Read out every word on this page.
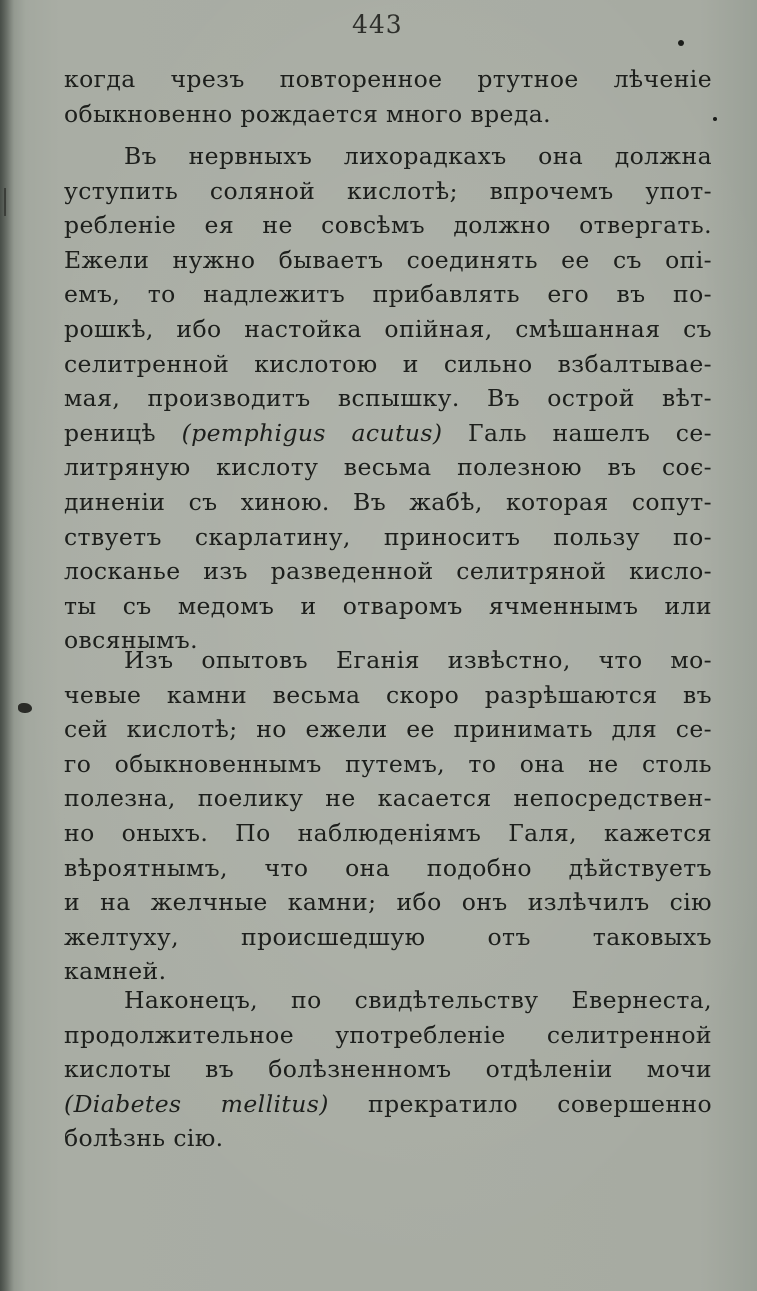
443
когда чрезъ повторенное ртутное лѣченіе
обыкновенно рождается много вреда.
Въ нервныхъ лихорадкахъ она должна
уступить соляной кислотѣ; впрочемъ упот-
ребленіе ея не совсѣмъ должно отвергать.
Ежели нужно бываетъ соединять ее съ опі-
емъ, то надлежитъ прибавлять его въ по-
рошкѣ, ибо настойка опійная, смѣшанная съ
селитренной кислотою и сильно взбалтывае-
мая, производитъ вспышку. Въ острой вѣт-
реницѣ (pemphigus acutus) Галь нашелъ се-
литряную кислоту весьма полезною въ соє-
диненіи съ хиною. Въ жабѣ, которая сопут-
ствуетъ скарлатину, приноситъ пользу по-
лосканье изъ разведенной селитряной кисло-
ты съ медомъ и отваромъ ячменнымъ или
овсянымъ.
Изъ опытовъ Еганія извѣстно, что мо-
чевые камни весьма скоро разрѣшаются въ
сей кислотѣ; но ежели ее принимать для се-
го обыкновеннымъ путемъ, то она не столь
полезна, поелику не касается непосредствен-
но оныхъ. По наблюденіямъ Галя, кажется
вѣроятнымъ, что она подобно дѣйствуетъ
и на желчные камни; ибо онъ излѣчилъ сію
желтуху, происшедшую отъ таковыхъ
камней.
Наконецъ, по свидѣтельству Евернеста,
продолжительное употребленіе селитренной
кислоты въ болѣзненномъ отдѣленіи мочи
(Diabetes mellitus) прекратило совершенно
болѣзнь сію.
